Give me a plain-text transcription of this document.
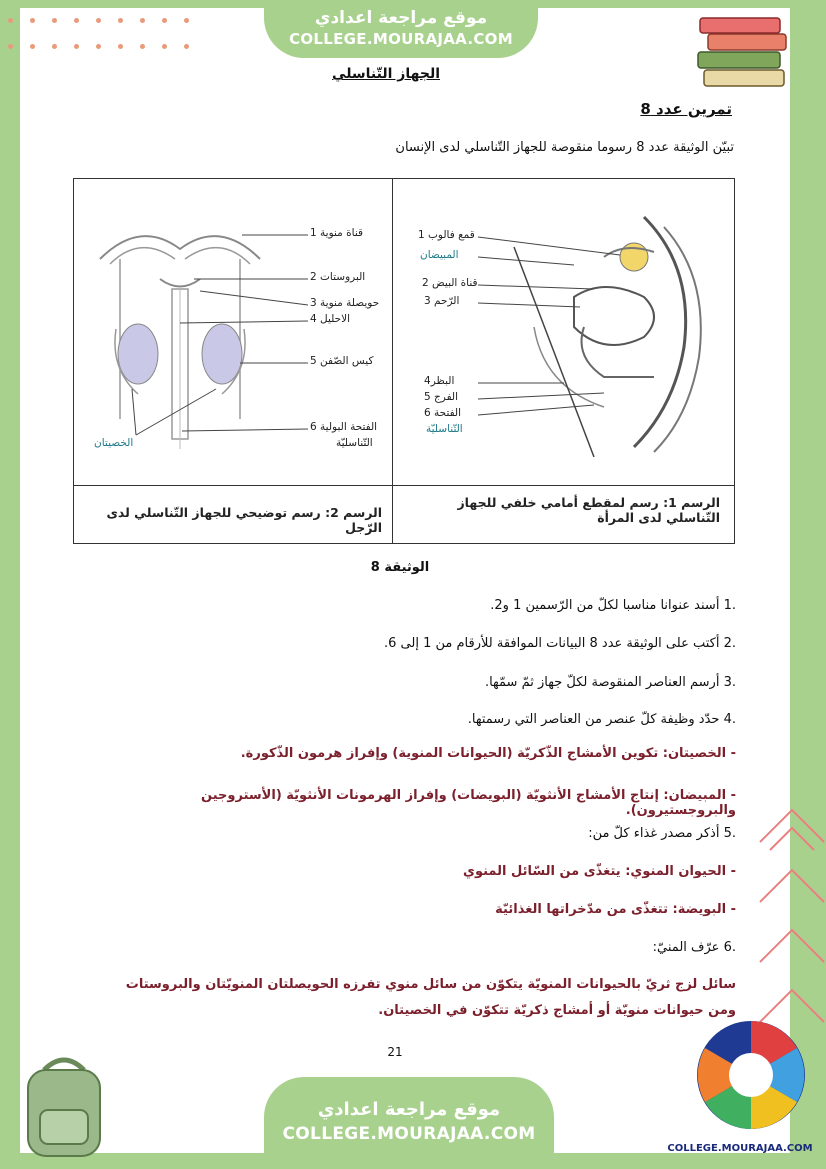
موقع مراجعة اعدادي
COLLEGE.MOURAJAA.COM
الجهاز التّناسلي
تمرين عدد 8
تبيّن الوثيقة عدد 8 رسوما منقوصة للجهاز التّناسلي لدى الإنسان
قناة منوية 1
البروستات 2
حويصلة منوية 3
الاحليل 4
كيس الصّفن 5
الفتحة البولية 6
التّناسليّة
الخصيتان
1 قمع فالوب
المبيضان
2 قناة البيض
3 الرّحم
4البظر
5 الفرج
6 الفتحة
التّناسليّة
الرسم 1: رسم لمقطع أمامي خلفي للجهاز التّناسلي لدى المرأة
الرسم 2: رسم توضيحي للجهاز التّناسلي لدى الرّجل
الوثيقة 8
.1 أسند عنوانا مناسبا لكلّ من الرّسمين 1 و2.
.2 أكتب على الوثيقة عدد 8 البيانات الموافقة للأرقام من 1 إلى 6.
.3 أرسم العناصر المنقوصة لكلّ جهاز ثمّ سمّها.
.4 حدّد وظيفة كلّ عنصر من العناصر التي رسمتها.
- الخصيتان: تكوين الأمشاج الذّكريّة (الحيوانات المنوية) وإفراز هرمون الذّكورة.
- المبيضان: إنتاج الأمشاج الأنثويّة (البويضات) وإفراز الهرمونات الأنثويّة (الأستروجين والبروجستيرون).
.5 أذكر مصدر غذاء كلّ من:
- الحيوان المنوي: يتغذّى من السّائل المنوي
- البويضة: تتغذّى من مدّخراتها الغذائيّة
.6 عرّف المنيّ:
سائل لزج ثريّ بالحيوانات المنويّة يتكوّن من سائل منوي تفرزه الحويصلتان المنويّتان والبروستات ومن حيوانات منويّة أو أمشاج ذكريّة تتكوّن في الخصيتان.
21
COLLEGE.MOURAJAA.COM
موقع مراجعة اعدادي
COLLEGE.MOURAJAA.COM
